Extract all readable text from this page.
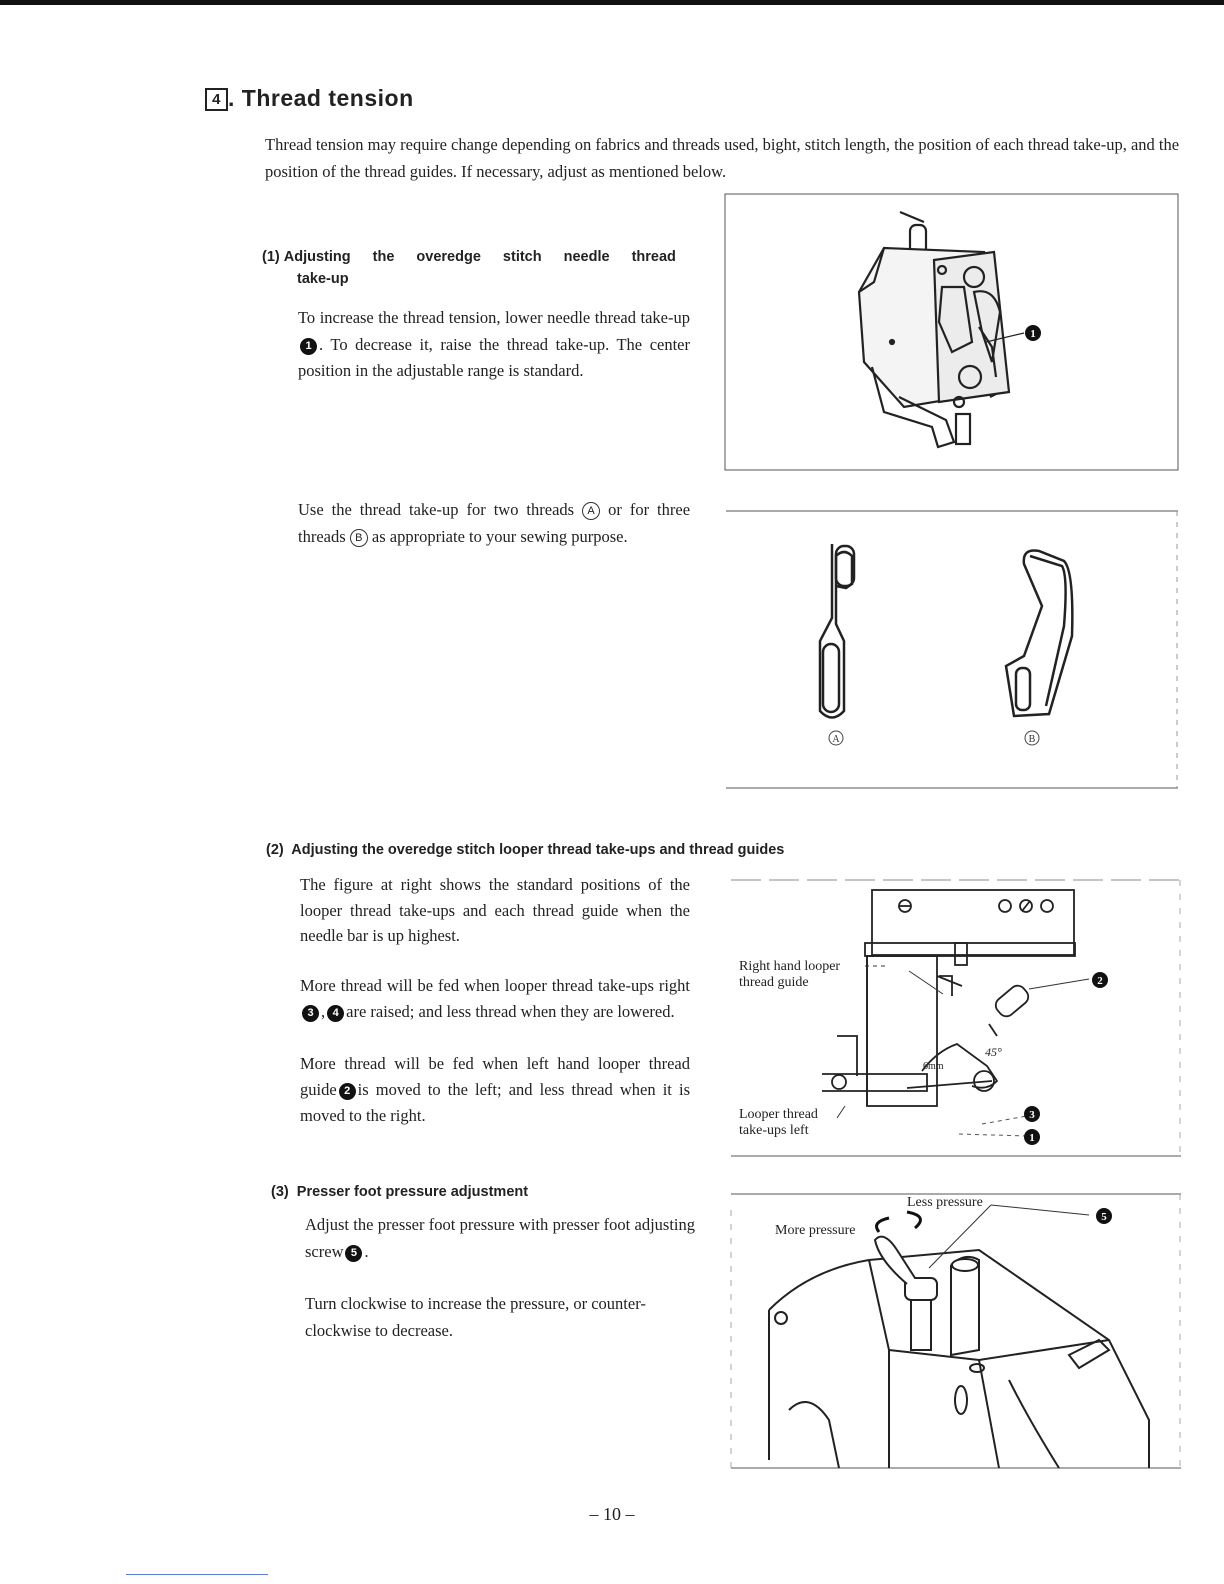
4 . Thread tension
Thread tension may require change depending on fabrics and threads used, bight, stitch length, the position of each thread take-up, and the position of the thread guides. If necessary, adjust as mentioned below.
(1) Adjusting the overedge stitch needle thread
take-up
To increase the thread tension, lower needle thread take-up1 . To decrease it, raise the thread take-up. The center position in the adjustable range is standard.
Use the thread take-up for two threads A or for three threads B as appropriate to your sewing purpose.
1
A	B
(2) Adjusting the overedge stitch looper thread take-ups and thread guides
The figure at right shows the standard positions of the looper thread take-ups and each thread guide when the needle bar is up highest.
More thread will be fed when looper thread take-ups right3 , 4 are raised; and less thread when they are lowered.
More thread will be fed when left hand looper thread guide 2 is moved to the left; and less thread when it is moved to the right.
Right hand looper
thread guide
Looper thread
take-ups left
45°
6mm
2
3
1
(3) Presser foot pressure adjustment
Adjust the presser foot pressure with presser foot adjusting screw 5 .
Turn clockwise to increase the pressure, or counter-clockwise to decrease.
Less pressure
More pressure
5
– 10 –
